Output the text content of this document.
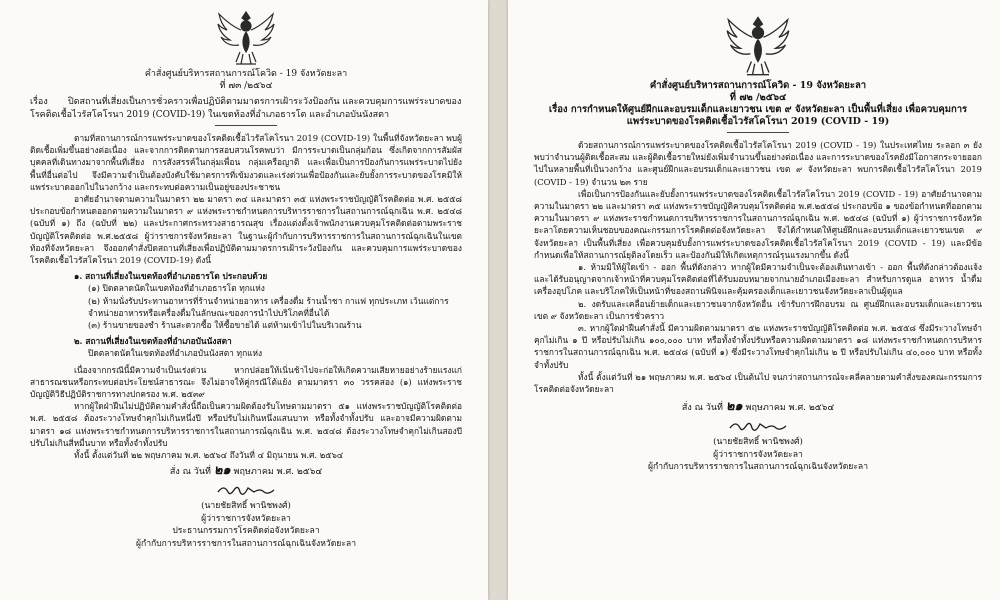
คำสั่งศูนย์บริหารสถานการณ์โควิด - 19 จังหวัดยะลา
ที่ ๗๓ /๒๕๖๔
เรื่อง ปิดสถานที่เสี่ยงเป็นการชั่วคราวเพื่อปฏิบัติตามมาตรการเฝ้าระวังป้องกัน และควบคุมการแพร่ระบาดของโรคติดเชื้อไวรัสโคโรนา 2019 (COVID-19) ในเขตท้องที่อำเภอธารโต และอำเภอบันนังสตา

ตามที่สถานการณ์การแพร่ระบาดของโรคติดเชื้อไวรัสโคโรนา 2019 (COVID-19) ในพื้นที่จังหวัดยะลา พบผู้ติดเชื้อเพิ่มขึ้นอย่างต่อเนื่อง และจากการติดตามการสอบสวนโรคพบว่า มีการระบาดเป็นกลุ่มก้อน ซึ่งเกิดจากการสัมผัสบุคคลที่เดินทางมาจากพื้นที่เสี่ยง การสังสรรค์ในกลุ่มเพื่อน กลุ่มเครือญาติ และเพื่อเป็นการป้องกันการแพร่ระบาดไปยังพื้นที่อื่นต่อไป จึงมีความจำเป็นต้องบังคับใช้มาตรการที่เข้มงวดและเร่งด่วนเพื่อป้องกันและยับยั้งการระบาดของโรคมิให้แพร่ระบาดออกไปในวงกว้าง และกระทบต่อความเป็นอยู่ของประชาชน

อาศัยอำนาจตามความในมาตรา ๒๒ มาตรา ๓๔ และมาตรา ๓๕ แห่งพระราชบัญญัติโรคติดต่อ พ.ศ. ๒๕๕๘ ประกอบข้อกำหนดออกตามความในมาตรา ๙ แห่งพระราชกำหนดการบริหารราชการในสถานการณ์ฉุกเฉิน พ.ศ. ๒๕๔๘ (ฉบับที่ ๑) ถึง (ฉบับที่ ๒๒) และประกาศกระทรวงสาธารณสุข เรื่องแต่งตั้งเจ้าพนักงานควบคุมโรคติดต่อตามพระราชบัญญัติโรคติดต่อ พ.ศ.๒๕๕๘ ผู้ว่าราชการจังหวัดยะลา ในฐานะผู้กำกับการบริหารราชการในสถานการณ์ฉุกเฉินในเขตท้องที่จังหวัดยะลา จึงออกคำสั่งปิดสถานที่เสี่ยงเพื่อปฏิบัติตามมาตรการเฝ้าระวังป้องกัน และควบคุมการแพร่ระบาดของโรคติดเชื้อไวรัสโคโรนา 2019 (COVID-19) ดังนี้

๑. สถานที่เสี่ยงในเขตท้องที่อำเภอธารโต ประกอบด้วย

(๑) ปิดตลาดนัดในเขตท้องที่อำเภอธารโต ทุกแห่ง

(๒) ห้ามนั่งรับประทานอาหารที่ร้านจำหน่ายอาหาร เครื่องดื่ม ร้านน้ำชา กาแฟ ทุกประเภท เว้นแต่การจำหน่ายอาหารหรือเครื่องดื่มในลักษณะของการนำไปบริโภคที่อื่นได้

(๓) ร้านขายของชำ ร้านสะดวกซื้อ ให้ซื้อขายได้ แต่ห้ามเข้าไปในบริเวณร้าน

๒. สถานที่เสี่ยงในเขตท้องที่อำเภอบันนังสตา

ปิดตลาดนัดในเขตท้องที่อำเภอบันนังสตา ทุกแห่ง

เนื่องจากกรณีนี้มีความจำเป็นเร่งด่วน หากปล่อยให้เนิ่นช้าไปจะก่อให้เกิดความเสียหายอย่างร้ายแรงแก่สาธารณชนหรือกระทบต่อประโยชน์สาธารณะ จึงไม่อาจให้คู่กรณีโต้แย้ง ตามมาตรา ๓๐ วรรคสอง (๑) แห่งพระราชบัญญัติวิธีปฏิบัติราชการทางปกครอง พ.ศ. ๒๕๓๙

หากผู้ใดฝ่าฝืนไม่ปฏิบัติตามคำสั่งนี้ถือเป็นความผิดต้องรับโทษตามมาตรา ๕๑ แห่งพระราชบัญญัติโรคติดต่อ พ.ศ. ๒๕๕๘ ต้องระวางโทษจำคุกไม่เกินหนึ่งปี หรือปรับไม่เกินหนึ่งแสนบาท หรือทั้งจำทั้งปรับ และอาจมีความผิดตามมาตรา ๑๘ แห่งพระราชกำหนดการบริหารราชการในสถานการณ์ฉุกเฉิน พ.ศ. ๒๕๔๘ ต้องระวางโทษจำคุกไม่เกินสองปี ปรับไม่เกินสี่หมื่นบาท หรือทั้งจำทั้งปรับ

ทั้งนี้ ตั้งแต่วันที่ ๒๒ พฤษภาคม พ.ศ. ๒๕๖๔ ถึงวันที่ ๔ มิถุนายน พ.ศ. ๒๕๖๔

สั่ง ณ วันที่ ๒๑ พฤษภาคม พ.ศ. ๒๕๖๔
(นายชัยสิทธิ์ พานิชพงศ์)
ผู้ว่าราชการจังหวัดยะลา
ประธานกรรมการโรคติดต่อจังหวัดยะลา
ผู้กำกับการบริหารราชการในสถานการณ์ฉุกเฉินจังหวัดยะลา
คำสั่งศูนย์บริหารสถานการณ์โควิด - 19 จังหวัดยะลา
ที่ ๗๒ /๒๕๖๔
เรื่อง การกำหนดให้ศูนย์ฝึกและอบรมเด็กและเยาวชน เขต ๙ จังหวัดยะลา เป็นพื้นที่เสี่ยง เพื่อควบคุมการแพร่ระบาดของโรคติดเชื้อไวรัสโคโรนา 2019 (COVID - 19)

ด้วยสถานการณ์การแพร่ระบาดของโรคติดเชื้อไวรัสโคโรนา 2019 (COVID - 19) ในประเทศไทย ระลอก ๓ ยังพบว่าจำนวนผู้ติดเชื้อสะสม และผู้ติดเชื้อรายใหม่ยังเพิ่มจำนวนขึ้นอย่างต่อเนื่อง และการระบาดของโรคยังมีโอกาสกระจายออกไปในหลายพื้นที่เป็นวงกว้าง และศูนย์ฝึกและอบรมเด็กและเยาวชน เขต ๙ จังหวัดยะลา พบการติดเชื้อไวรัสโคโรนา 2019 (COVID - 19) จำนวน ๒๓ ราย

เพื่อเป็นการป้องกันและยับยั้งการแพร่ระบาดของโรคติดเชื้อไวรัสโคโรนา 2019 (COVID - 19) อาศัยอำนาจตามความในมาตรา ๒๒ และมาตรา ๓๕ แห่งพระราชบัญญัติควบคุมโรคติดต่อ พ.ศ.๒๕๕๘ ประกอบข้อ ๑ ของข้อกำหนดที่ออกตามความในมาตรา ๙ แห่งพระราชกำหนดการบริหารราชการในสถานการณ์ฉุกเฉิน พ.ศ. ๒๕๔๘ (ฉบับที่ ๑) ผู้ว่าราชการจังหวัดยะลาโดยความเห็นชอบของคณะกรรมการโรคติดต่อจังหวัดยะลา จึงได้กำหนดให้ศูนย์ฝึกและอบรมเด็กและเยาวชนเขต ๙ จังหวัดยะลา เป็นพื้นที่เสี่ยง เพื่อควบคุมยับยั้งการแพร่ระบาดของโรคติดเชื้อไวรัสโคโรนา 2019 (COVID - 19) และมีข้อกำหนดเพื่อให้สถานการณ์ยุติลงโดยเร็ว และป้องกันมิให้เกิดเหตุการณ์รุนแรงมากขึ้น ดังนี้

๑. ห้ามมิให้ผู้ใดเข้า - ออก พื้นที่ดังกล่าว หากผู้ใดมีความจำเป็นจะต้องเดินทางเข้า - ออก พื้นที่ดังกล่าวต้องแจ้ง และได้รับอนุญาตจากเจ้าหน้าที่ควบคุมโรคติดต่อที่ได้รับมอบหมายจากนายอำเภอเมืองยะลา สำหรับการดูแล อาหาร น้ำดื่ม เครื่องอุปโภค และบริโภคให้เป็นหน้าที่ของสถานพินิจและคุ้มครองเด็กและเยาวชนจังหวัดยะลาเป็นผู้ดูแล

๒. งดรับและเคลื่อนย้ายเด็กและเยาวชนจากจังหวัดอื่น เข้ารับการฝึกอบรม ณ ศูนย์ฝึกและอบรมเด็กและเยาวชนเขต ๙ จังหวัดยะลา เป็นการชั่วคราว

๓. หากผู้ใดฝ่าฝืนคำสั่งนี้ มีความผิดตามมาตรา ๕๒ แห่งพระราชบัญญัติโรคติดต่อ พ.ศ. ๒๕๕๘ ซึ่งมีระวางโทษจำคุกไม่เกิน ๑ ปี หรือปรับไม่เกิน ๑๐๐,๐๐๐ บาท หรือทั้งจำทั้งปรับหรือความผิดตามมาตรา ๑๘ แห่งพระราชกำหนดการบริหารราชการในสถานการณ์ฉุกเฉิน พ.ศ. ๒๕๔๘ (ฉบับที่ ๑) ซึ่งมีระวางโทษจำคุกไม่เกิน ๒ ปี หรือปรับไม่เกิน ๔๐,๐๐๐ บาท หรือทั้งจำทั้งปรับ

ทั้งนี้ ตั้งแต่วันที่ ๒๑ พฤษภาคม พ.ศ. ๒๕๖๔ เป็นต้นไป จนกว่าสถานการณ์จะคลี่คลายตามคำสั่งของคณะกรรมการโรคติดต่อจังหวัดยะลา

สั่ง ณ วันที่ ๒๑ พฤษภาคม พ.ศ. ๒๕๖๔
(นายชัยสิทธิ์ พานิชพงศ์)
ผู้ว่าราชการจังหวัดยะลา
ผู้กำกับการบริหารราชการในสถานการณ์ฉุกเฉินจังหวัดยะลา
